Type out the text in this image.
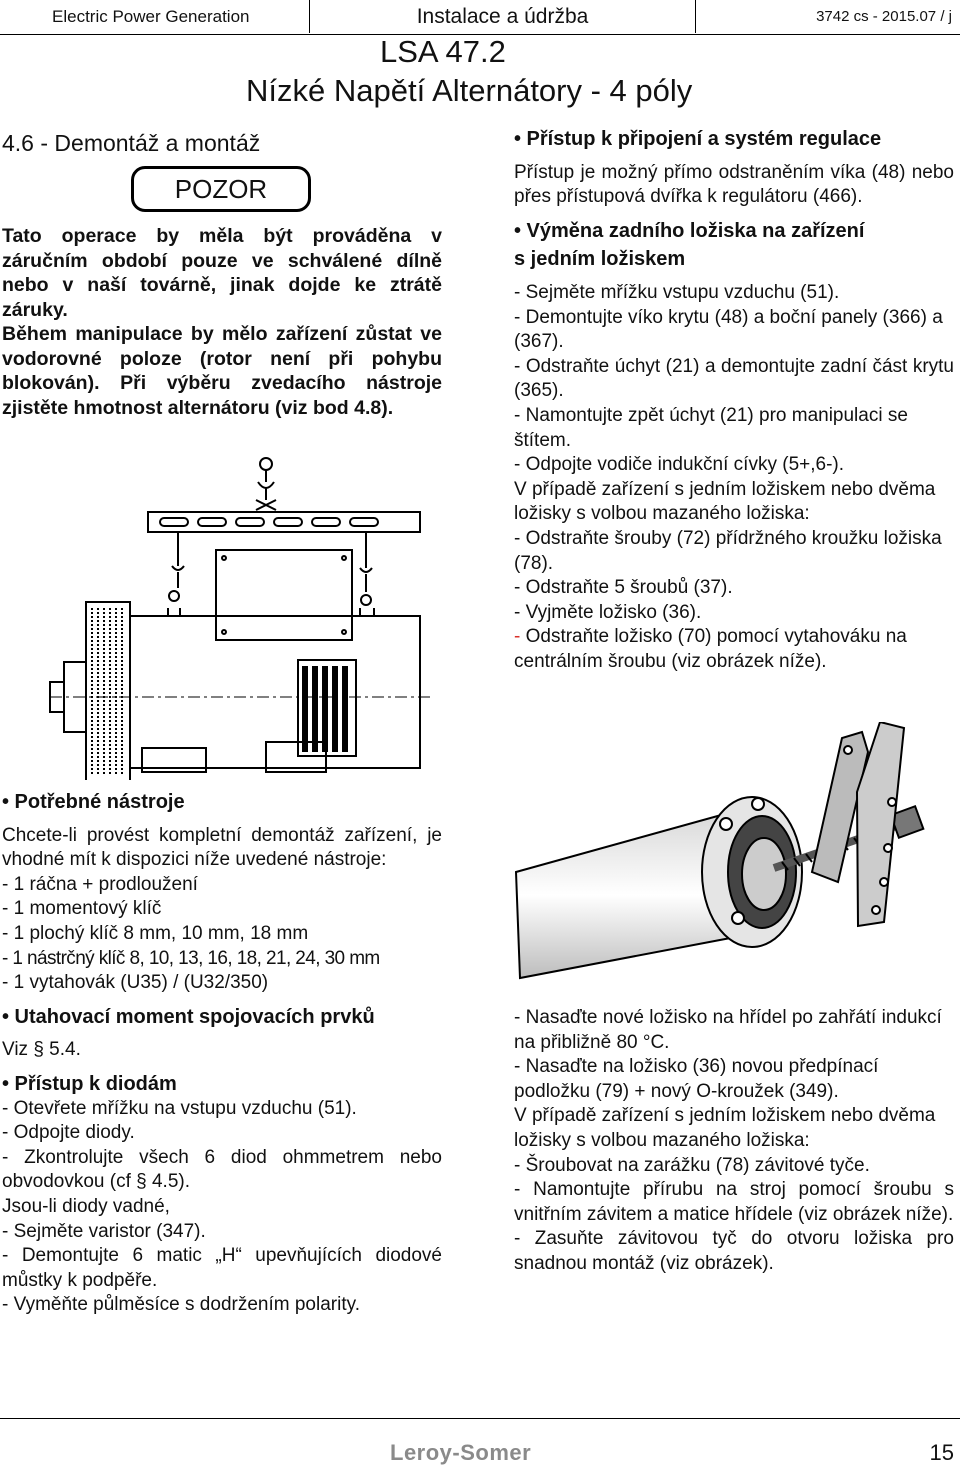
Electric Power Generation	Instalace a údržba	3742 cs - 2015.07 / j
LSA 47.2
Nízké Napětí Alternátory - 4 póly
4.6 - Demontáž a montáž
POZOR

Tato operace by měla být prováděna v záručním období pouze ve schválené dílně nebo v naší továrně, jinak dojde ke ztrátě záruky.

Během manipulace by mělo zařízení zůstat ve vodorovné poloze (rotor není při pohybu blokován). Při výběru zvedacího nástroje zjistěte hmotnost alternátoru (viz bod 4.8).

• Potřebné nástroje

Chcete-li provést kompletní demontáž zařízení, je vhodné mít k dispozici níže uvedené nástroje:

- 1 ráčna + prodloužení

- 1 momentový klíč

- 1 plochý klíč 8 mm, 10 mm, 18 mm

- 1 nástrčný klíč 8, 10, 13, 16, 18, 21, 24, 30 mm

- 1 vytahovák (U35) / (U32/350)

• Utahovací moment spojovacích prvků

Viz § 5.4.

• Přístup k diodám

- Otevřete mřížku na vstupu vzduchu (51).

- Odpojte diody.

- Zkontrolujte všech 6 diod ohmmetrem nebo obvodovkou (cf § 4.5).

Jsou-li diody vadné,

- Sejměte varistor (347).

- Demontujte 6 matic „H“ upevňujících diodové můstky k podpěře.

- Vyměňte půlměsíce s dodržením polarity.

• Přístup k připojení a systém regulace

Přístup je možný přímo odstraněním víka (48) nebo přes přístupová dvířka k regulátoru (466).

• Výměna zadního ložiska na zařízení

s jedním ložiskem

- Sejměte mřížku vstupu vzduchu (51).

- Demontujte víko krytu (48) a boční panely (366) a (367).

- Odstraňte úchyt (21) a demontujte zadní část krytu (365).

- Namontujte zpět úchyt (21) pro manipulaci se štítem.

- Odpojte vodiče indukční cívky (5+,6-).

V případě zařízení s jedním ložiskem nebo dvěma ložisky s volbou mazaného ložiska:

- Odstraňte šrouby (72) přídržného kroužku ložiska (78).

- Odstraňte 5 šroubů (37).

- Vyjměte ložisko (36).

- Odstraňte ložisko (70) pomocí vytahováku na centrálním šroubu (viz obrázek níže).

- Nasaďte nové ložisko na hřídel po zahřátí indukcí na přibližně 80 °C.

- Nasaďte na ložisko (36) novou předpínací podložku (79) + nový O-kroužek (349).

V případě zařízení s jedním ložiskem nebo dvěma ložisky s volbou mazaného ložiska:

- Šroubovat na zarážku (78) závitové tyče.

- Namontujte přírubu na stroj pomocí šroubu s vnitřním závitem a matice hřídele (viz obrázek níže).

- Zasuňte závitovou tyč do otvoru ložiska pro snadnou montáž (viz obrázek).

Leroy-Somer	15
